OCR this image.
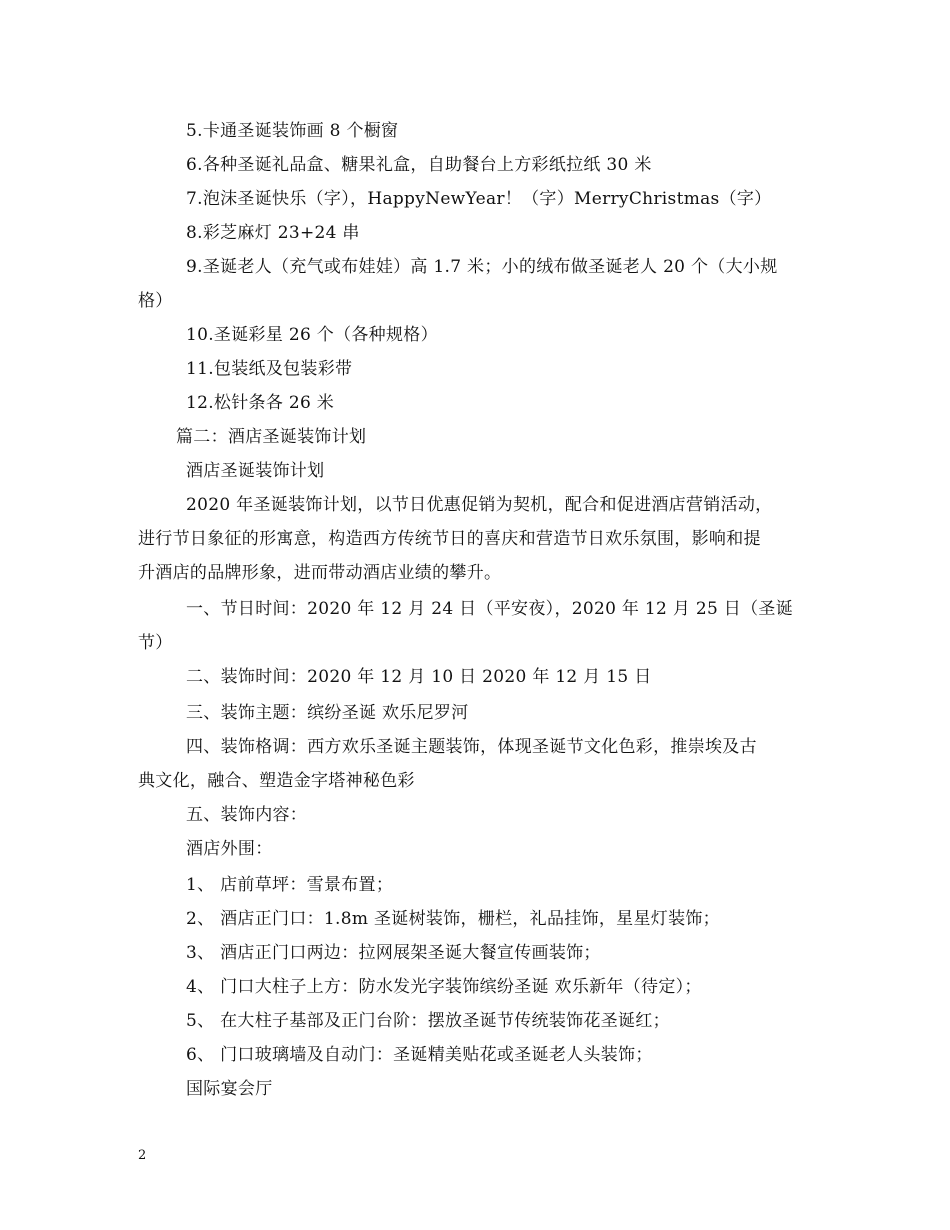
5.卡通圣诞装饰画 8 个橱窗
6.各种圣诞礼品盒、糖果礼盒，自助餐台上方彩纸拉纸 30 米
7.泡沫圣诞快乐（字），HappyNewYear！（字）MerryChristmas（字）
8.彩芝麻灯 23+24 串
9.圣诞老人（充气或布娃娃）高 1.7 米；小的绒布做圣诞老人 20 个（大小规
格）
10.圣诞彩星 26 个（各种规格）
11.包装纸及包装彩带
12.松针条各 26 米
篇二：酒店圣诞装饰计划
酒店圣诞装饰计划
2020 年圣诞装饰计划，以节日优惠促销为契机，配合和促进酒店营销活动，
进行节日象征的形寓意，构造西方传统节日的喜庆和营造节日欢乐氛围，影响和提
升酒店的品牌形象，进而带动酒店业绩的攀升。
一、节日时间：2020 年 12 月 24 日（平安夜），2020 年 12 月 25 日（圣诞
节）
二、装饰时间：2020 年 12 月 10 日 2020 年 12 月 15 日
三、装饰主题：缤纷圣诞 欢乐尼罗河
四、装饰格调：西方欢乐圣诞主题装饰，体现圣诞节文化色彩，推崇埃及古
典文化，融合、塑造金字塔神秘色彩
五、装饰内容：
酒店外围：
1、 店前草坪：雪景布置；
2、 酒店正门口：1.8m 圣诞树装饰，栅栏，礼品挂饰，星星灯装饰；
3、 酒店正门口两边：拉网展架圣诞大餐宣传画装饰；
4、 门口大柱子上方：防水发光字装饰缤纷圣诞 欢乐新年（待定）；
5、 在大柱子基部及正门台阶：摆放圣诞节传统装饰花圣诞红；
6、 门口玻璃墙及自动门：圣诞精美贴花或圣诞老人头装饰；
国际宴会厅
2
